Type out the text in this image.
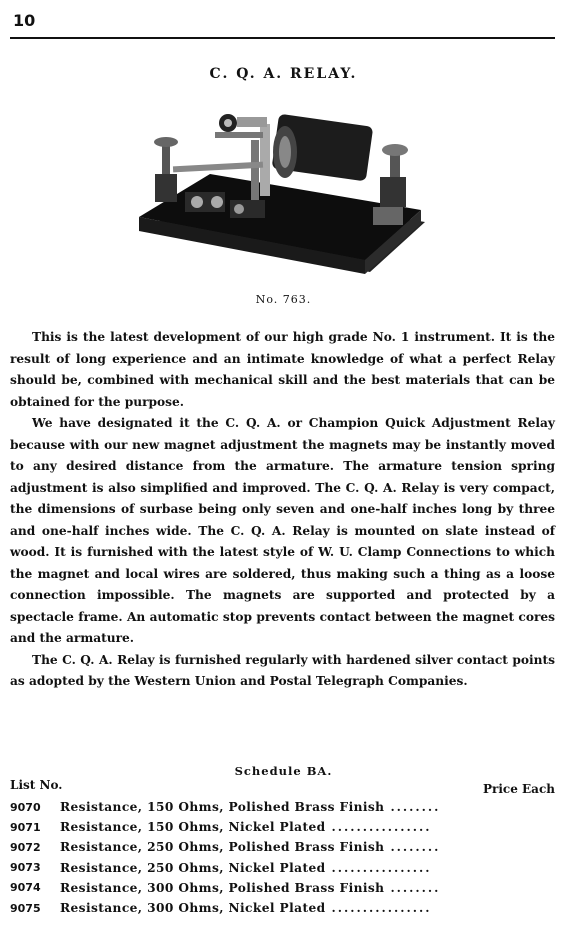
10
C. Q. A. RELAY.
No. 763.

This is the latest development of our high grade No. 1 instrument. It is the result of long experience and an intimate knowledge of what a perfect Relay should be, combined with mechanical skill and the best materials that can be obtained for the purpose.

We have designated it the C. Q. A. or Champion Quick Adjustment Relay because with our new magnet adjustment the magnets may be instantly moved to any desired distance from the armature. The armature tension spring adjustment is also simplified and improved. The C. Q. A. Relay is very compact, the dimensions of surbase being only seven and one-half inches long by three and one-half inches wide. The C. Q. A. Relay is mounted on slate instead of wood. It is furnished with the latest style of W. U. Clamp Connections to which the magnet and local wires are soldered, thus making such a thing as a loose connection impossible. The magnets are supported and protected by a spectacle frame. An automatic stop prevents contact between the magnet cores and the armature.

The C. Q. A. Relay is furnished regularly with hardened silver contact points as adopted by the Western Union and Postal Telegraph Companies.

Schedule BA.
List No.	Price Each
9070	Resistance, 150 Ohms, Polished Brass Finish ........
9071	Resistance, 150 Ohms, Nickel Plated ................
9072	Resistance, 250 Ohms, Polished Brass Finish ........
9073	Resistance, 250 Ohms, Nickel Plated ................
9074	Resistance, 300 Ohms, Polished Brass Finish ........
9075	Resistance, 300 Ohms, Nickel Plated ................
